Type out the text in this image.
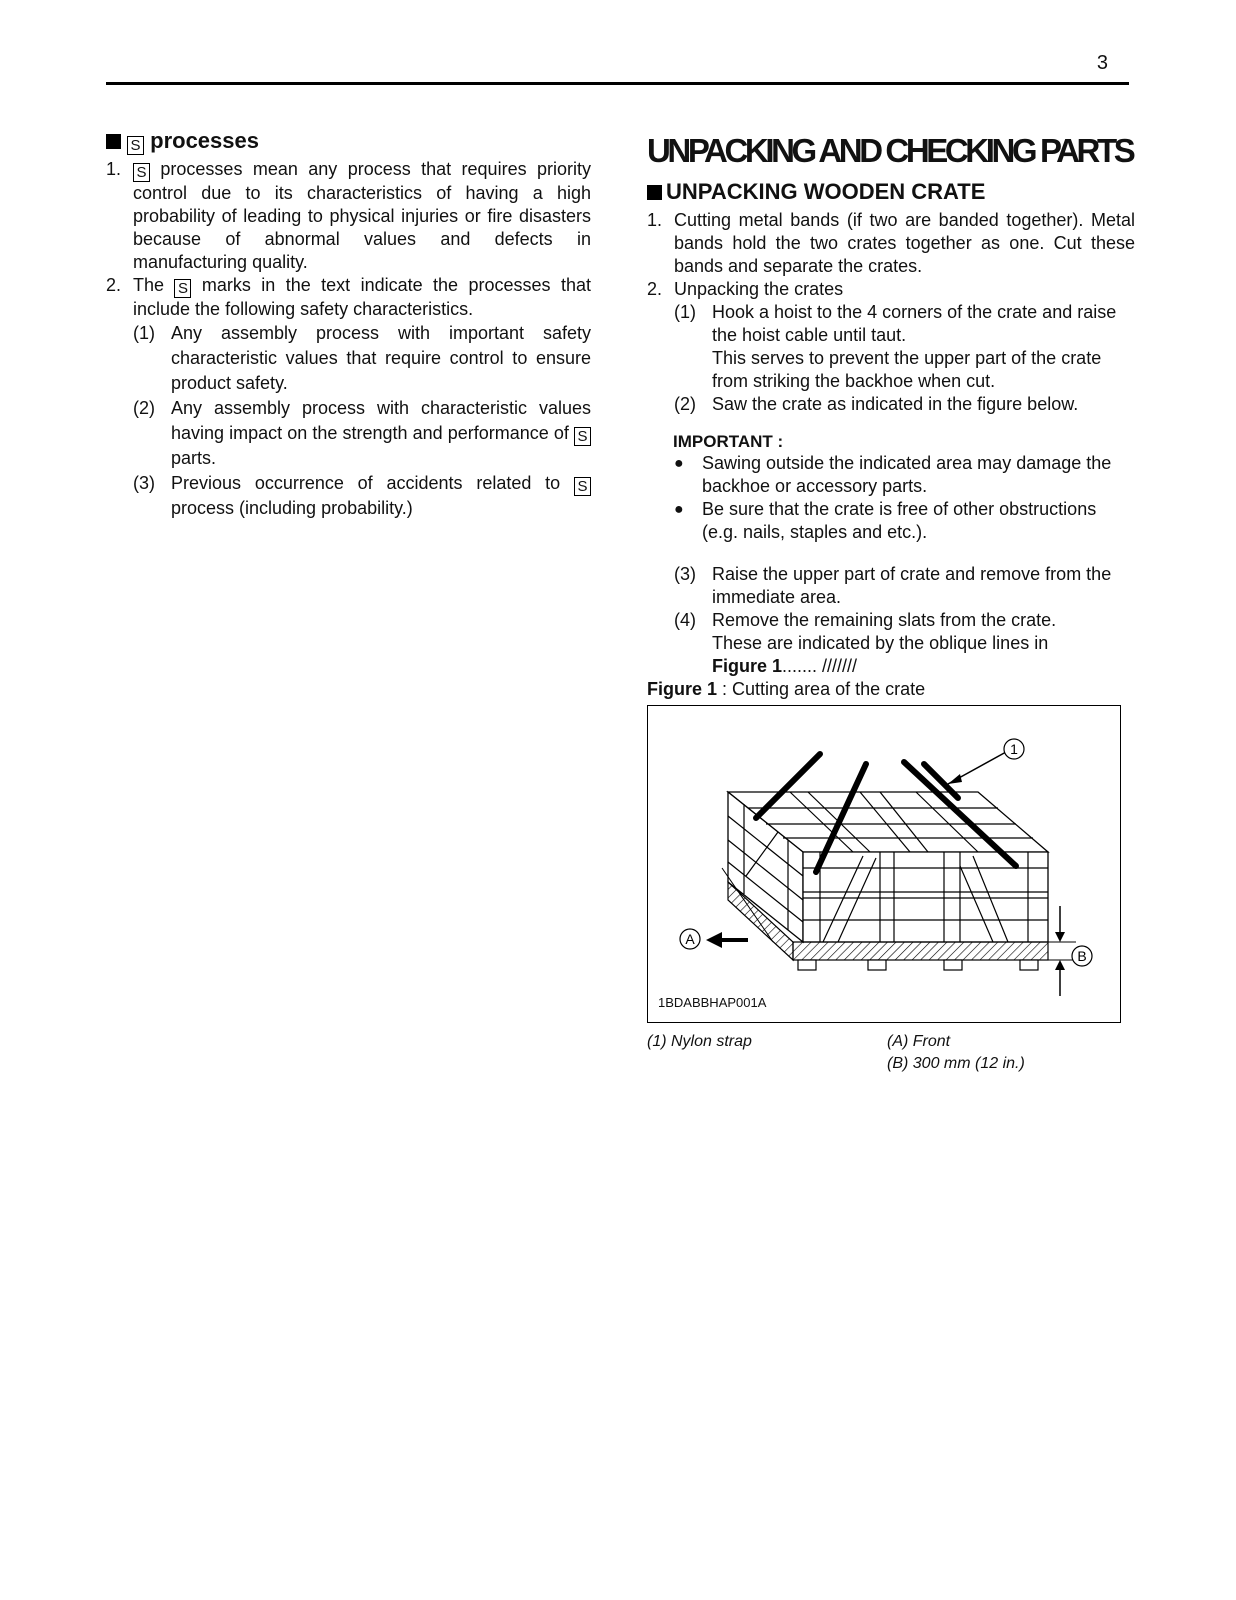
3
S processes
1.	S processes mean any process that requires priority control due to its characteristics of having a high probability of leading to physical injuries or fire disasters because of abnormal values and defects in manufacturing quality.
2. The S marks in the text indicate the processes that include the following safety characteristics.
(1) Any assembly process with important safety characteristic values that require control to ensure product safety.
(2) Any assembly process with characteristic values having impact on the strength and performance of S parts.
(3) Previous occurrence of accidents related to S process (including probability.)
UNPACKING AND CHECKING PARTS
UNPACKING WOODEN CRATE
1. Cutting metal bands (if two are banded together). Metal bands hold the two crates together as one. Cut these bands and separate the crates.
2. Unpacking the crates
(1) Hook a hoist to the 4 corners of the crate and raise the hoist cable until taut.
This serves to prevent the upper part of the crate from striking the backhoe when cut.
(2) Saw the crate as indicated in the figure below.
IMPORTANT :
●	Sawing outside the indicated area may damage the backhoe or accessory parts.
●	Be sure that the crate is free of other obstructions (e.g. nails, staples and etc.).
(3) Raise the upper part of crate and remove from the immediate area.
(4) Remove the remaining slats from the crate.
These are indicated by the oblique lines in
Figure 1....... ///////
Figure 1 : Cutting area of the crate
1
A
B
1BDABBHAP001A
(1) Nylon strap	(A) Front
(B) 300 mm (12 in.)
